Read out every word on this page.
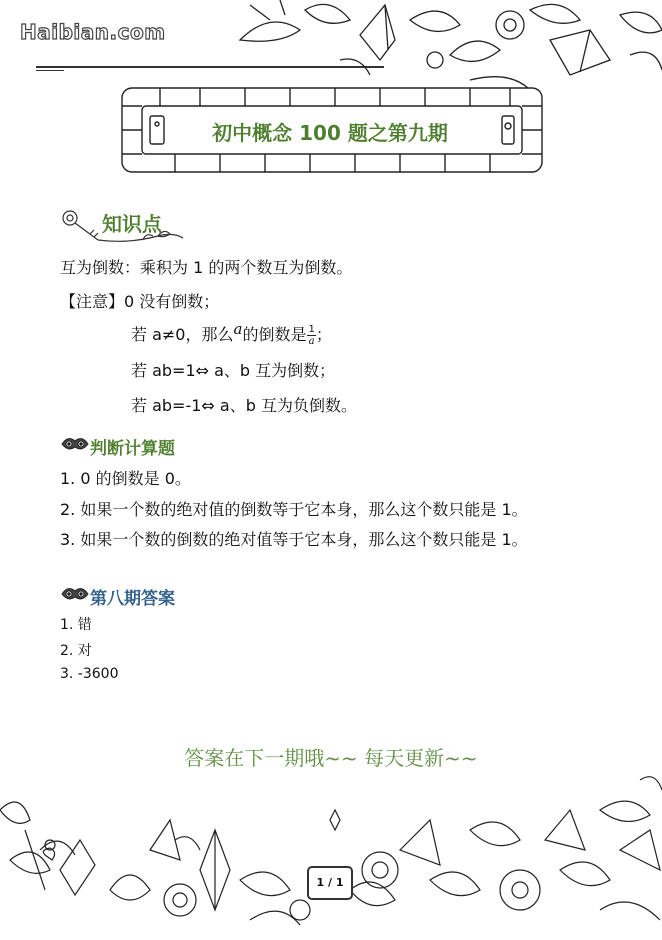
Haibian.com
初中概念 100 题之第九期
知识点
互为倒数：乘积为 1 的两个数互为倒数。
【注意】0 没有倒数；
若 a≠0，那么a的倒数是 $\frac{1}{a}$ ；
若 ab=1⇔ a、b 互为倒数；
若 ab=-1⇔ a、b 互为负倒数。
判断计算题
1. 0 的倒数是 0。
2. 如果一个数的绝对值的倒数等于它本身，那么这个数只能是 1。
3. 如果一个数的倒数的绝对值等于它本身，那么这个数只能是 1。
第八期答案
1. 错
2. 对
3. -3600
答案在下一期哦~~ 每天更新~~
1 / 1
